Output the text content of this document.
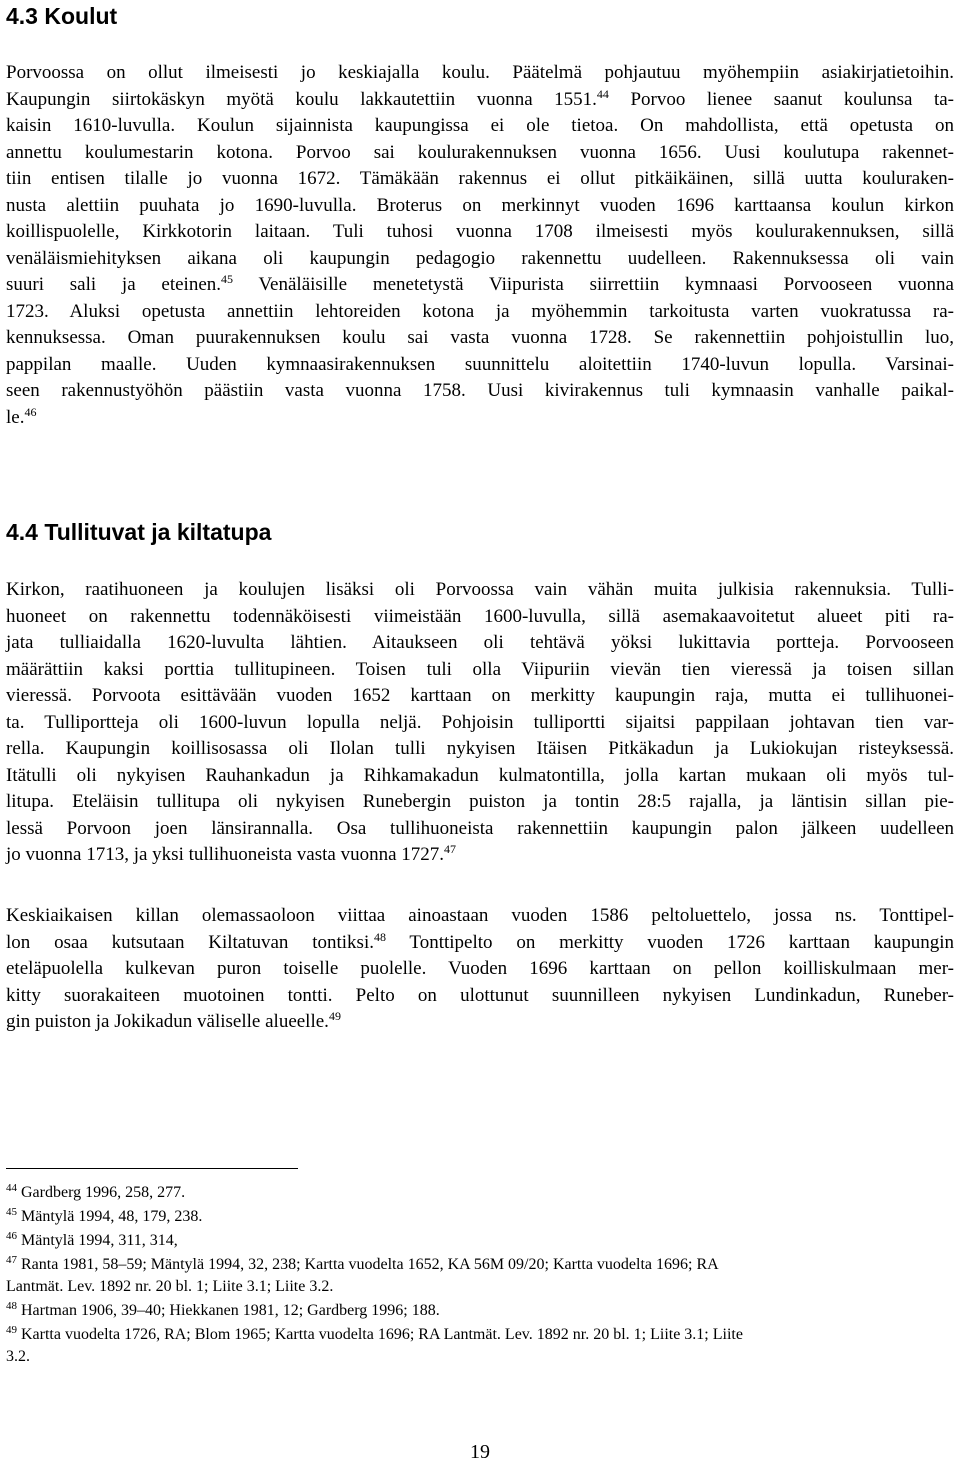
4.3 Koulut
Porvoossa on ollut ilmeisesti jo keskiajalla koulu. Päätelmä pohjautuu myöhempiin asiakirjatietoihin.
Kaupungin siirtokäskyn myötä koulu lakkautettiin vuonna 1551.44 Porvoo lienee saanut koulunsa ta-
kaisin 1610-luvulla. Koulun sijainnista kaupungissa ei ole tietoa. On mahdollista, että opetusta on
annettu koulumestarin kotona. Porvoo sai koulurakennuksen vuonna 1656. Uusi koulutupa rakennet-
tiin entisen tilalle jo vuonna 1672. Tämäkään rakennus ei ollut pitkäikäinen, sillä uutta kouluraken-
nusta alettiin puuhata jo 1690-luvulla. Broterus on merkinnyt vuoden 1696 karttaansa koulun kirkon
koillispuolelle, Kirkkotorin laitaan. Tuli tuhosi vuonna 1708 ilmeisesti myös koulurakennuksen, sillä
venäläismiehityksen aikana oli kaupungin pedagogio rakennettu uudelleen. Rakennuksessa oli vain
suuri sali ja eteinen.$^{45}$ Venäläisille menetetystä Viipurista siirrettiin kymnaasi Porvooseen vuonna
1723. Aluksi opetusta annettiin lehtoreiden kotona ja myöhemmin tarkoitusta varten vuokratussa ra-
kennuksessa. Oman puurakennuksen koulu sai vasta vuonna 1728. Se rakennettiin pohjoistullin luo,
pappilan maalle. Uuden kymnaasirakennuksen suunnittelu aloitettiin 1740-luvun lopulla. Varsinai-
seen rakennustyöhön päästiin vasta vuonna 1758. Uusi kivirakennus tuli kymnaasin vanhalle paikal-
le.$^{46}$
4.4 Tullituvat ja kiltatupa
Kirkon, raatihuoneen ja koulujen lisäksi oli Porvoossa vain vähän muita julkisia rakennuksia. Tulli-
huoneet on rakennettu todennäköisesti viimeistään 1600-luvulla, sillä asemakaavoitetut alueet piti ra-
jata tulliaidalla 1620-luvulta lähtien. Aitaukseen oli tehtävä yöksi lukittavia portteja. Porvooseen
määrättiin kaksi porttia tullitupineen. Toisen tuli olla Viipuriin vievän tien vieressä ja toisen sillan
vieressä. Porvoota esittävään vuoden 1652 karttaan on merkitty kaupungin raja, mutta ei tullihuonei-
ta. Tulliportteja oli 1600-luvun lopulla neljä. Pohjoisin tulliportti sijaitsi pappilaan johtavan tien var-
rella. Kaupungin koillisosassa oli Ilolan tulli nykyisen Itäisen Pitkäkadun ja Lukiokujan risteyksessä.
Itätulli oli nykyisen Rauhankadun ja Rihkamakadun kulmatontilla, jolla kartan mukaan oli myös tul-
litupa. Eteläisin tullitupa oli nykyisen Runebergin puiston ja tontin 28:5 rajalla, ja läntisin sillan pie-
lessä Porvoon joen länsirannalla. Osa tullihuoneista rakennettiin kaupungin palon jälkeen uudelleen
jo vuonna 1713, ja yksi tullihuoneista vasta vuonna 1727.47
Keskiaikaisen killan olemassaoloon viittaa ainoastaan vuoden 1586 peltoluettelo, jossa ns. Tonttipel-
lon osaa kutsutaan Kiltatuvan tontiksi.$^{48}$ Tonttipelto on merkitty vuoden 1726 karttaan kaupungin
eteläpuolella kulkevan puron toiselle puolelle. Vuoden 1696 karttaan on pellon koilliskulmaan mer-
kitty suorakaiteen muotoinen tontti. Pelto on ulottunut suunnilleen nykyisen Lundinkadun, Runeber-
gin puiston ja Jokikadun väliselle alueelle.$^{49}$
$^{44}$ Gardberg 1996, 258, 277.
$^{45}$ Mäntylä 1994, 48, 179, 238.
$^{46}$ Mäntylä 1994, 311, 314,
$^{47}$ Ranta 1981, 58–59; Mäntylä 1994, 32, 238; Kartta vuodelta 1652, KA 56M 09/20; Kartta vuodelta 1696; RA
Lantmät. Lev. 1892 nr. 20 bl. 1; Liite 3.1; Liite 3.2.
$^{48}$ Hartman 1906, 39–40; Hiekkanen 1981, 12; Gardberg 1996; 188.
$^{49}$ Kartta vuodelta 1726, RA; Blom 1965; Kartta vuodelta 1696; RA Lantmät. Lev. 1892 nr. 20 bl. 1; Liite 3.1; Liite
3.2.
19
